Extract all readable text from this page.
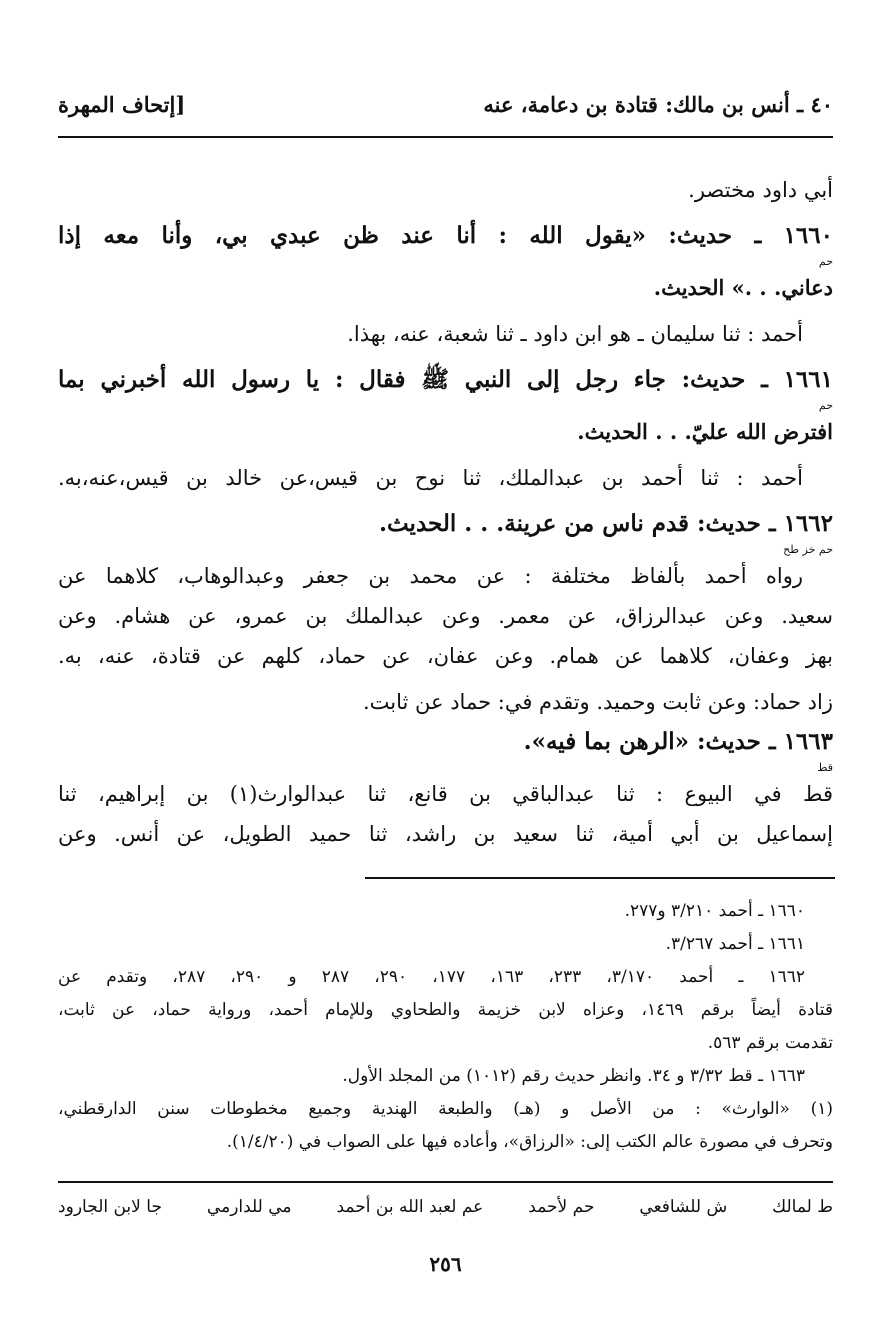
٤٠ ـ أنس بن مالك: قتادة بن دعامة، عنه
[إتحاف المهرة
أبي داود مختصر.
١٦٦٠ ـ حديث: «يقول الله : أنا عند ظن عبدي بي، وأنا معه إذا
حم
دعاني. . .» الحديث.
أحمد : ثنا سليمان ـ هو ابن داود ـ ثنا شعبة، عنه، بهذا.
١٦٦١ ـ حديث: جاء رجل إلى النبي ﷺ فقال : يا رسول الله أخبرني بما
حم
افترض الله عليّ. . . الحديث.
أحمد : ثنا أحمد بن عبدالملك، ثنا نوح بن قيس،عن خالد بن قيس،عنه،به.
١٦٦٢ ـ حديث: قدم ناس من عرينة. . . الحديث.
حم خز طح
رواه أحمد بألفاظ مختلفة : عن محمد بن جعفر وعبدالوهاب، كلاهما عن
سعيد. وعن عبدالرزاق، عن معمر. وعن عبدالملك بن عمرو، عن هشام. وعن
بهز وعفان، كلاهما عن همام. وعن عفان، عن حماد، كلهم عن قتادة، عنه، به.
زاد حماد: وعن ثابت وحميد. وتقدم في: حماد عن ثابت.
١٦٦٣ ـ حديث: «الرهن بما فيه».
قط
قط في البيوع : ثنا عبدالباقي بن قانع، ثنا عبدالوارث(١) بن إبراهيم، ثنا
إسماعيل بن أبي أمية، ثنا سعيد بن راشد، ثنا حميد الطويل، عن أنس. وعن
١٦٦٠ ـ أحمد ٣/٢١٠ و٢٧٧.
١٦٦١ ـ أحمد ٣/٢٦٧.
١٦٦٢ ـ أحمد ٣/١٧٠، ٢٣٣، ١٦٣، ١٧٧، ٢٩٠، ٢٨٧ و ٢٩٠، ٢٨٧، وتقدم عن
قتادة أيضاً برقم ١٤٦٩، وعزاه لابن خزيمة والطحاوي وللإمام أحمد، ورواية حماد، عن ثابت،
تقدمت برقم ٥٦٣.
١٦٦٣ ـ قط ٣/٣٢ و ٣٤. وانظر حديث رقم (١٠١٢) من المجلد الأول.
(١) «الوارث» : من الأصل و (هـ) والطبعة الهندية وجميع مخطوطات سنن الدارقطني،
وتحرف في مصورة عالم الكتب إلى: «الرزاق»، وأعاده فيها على الصواب في (١/٤/٢٠).
ط لمالك
ش للشافعي
حم لأحمد
عم لعبد الله بن أحمد
مي للدارمي
جا لابن الجارود
٢٥٦
